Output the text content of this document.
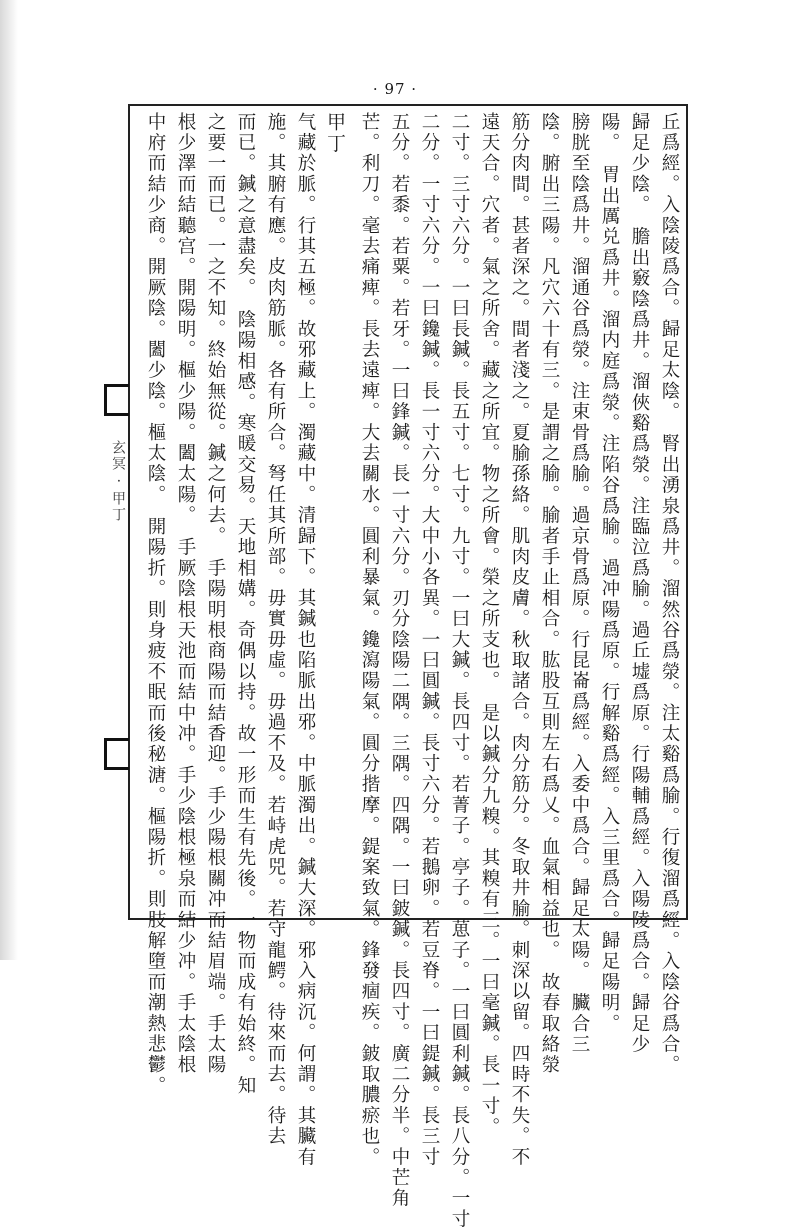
· 97 ·
玄冥 · 甲丁	丘爲經。入陰陵爲合。歸足太陰。　腎出湧泉爲井。溜然谷爲滎。注太谿爲腧。行復溜爲經。入陰谷爲合。
歸足少陰。　膽出竅陰爲井。溜俠谿爲滎。注臨泣爲腧。過丘墟爲原。行陽輔爲經。入陽陵爲合。歸足少
陽。　胃出厲兑爲井。溜内庭爲滎。注陷谷爲腧。過冲陽爲原。行解谿爲經。入三里爲合。歸足陽明。
膀胱至陰爲井。溜通谷爲滎。注束骨爲腧。過京骨爲原。行昆崙爲經。入委中爲合。歸足太陽。　臟合三
陰。腑出三陽。凡穴六十有三。是謂之腧。腧者手止相合。肱股互則左右爲乂。血氣相益也。　故春取絡滎
筋分肉間。甚者深之。間者淺之。夏腧孫絡。肌肉皮膚。秋取諸合。肉分筋分。冬取井腧。刺深以留。四時不失。不
遠天合。穴者。氣之所舍。藏之所宜。物之所會。榮之所支也。　是以鍼分九糗。其糗有三。一曰毫鍼。長一寸。
二寸。三寸六分。一曰長鍼。長五寸。七寸。九寸。一曰大鍼。長四寸。若菁子。亭子。葸子。一曰圓利鍼。長八分。一寸
二分。一寸六分。一曰鑱鍼。長一寸六分。大中小各異。一曰圓鍼。長寸六分。若鵝卵。若豆脊。一曰鍉鍼。長三寸
五分。若黍。若粟。若牙。一曰鋒鍼。長一寸六分。刃分陰陽二隅。三隅。四隅。一曰鈹鍼。長四寸。廣二分半。中芒角
芒。利刀。毫去痛痺。長去遠痺。大去關水。圓利暴氣。鑱瀉陽氣。圓分揩摩。鍉案致氣。鋒發痼疾。鈹取膿瘀也。
甲丁
气藏於脈。行其五極。故邪藏上。濁藏中。清歸下。其鍼也陷脈出邪。中脈濁出。鍼大深。邪入病沉。何謂。其臟有
施。其腑有應。皮肉筋脈。各有所合。弩任其所部。毋實毋虛。毋過不及。若峙虎兕。若守龍鰐。待來而去。待去
而已。鍼之意盡矣。　陰陽相感。寒暖交易。天地相媾。奇偶以持。故一形而生有先後。一物而成有始終。知
之要一而已。一之不知。終始無從。鍼之何去。　手陽明根商陽而結香迎。手少陽根關冲而結眉端。手太陽
根少澤而結聽宫。開陽明。樞少陽。闔太陽。　手厥陰根天池而結中冲。手少陰根極泉而結少冲。手太陰根
中府而結少商。開厥陰。闔少陰。樞太陰。　開陽折。則身疲不眠而後秘溏。樞陽折。則肢解墮而潮熱悲鬱。
